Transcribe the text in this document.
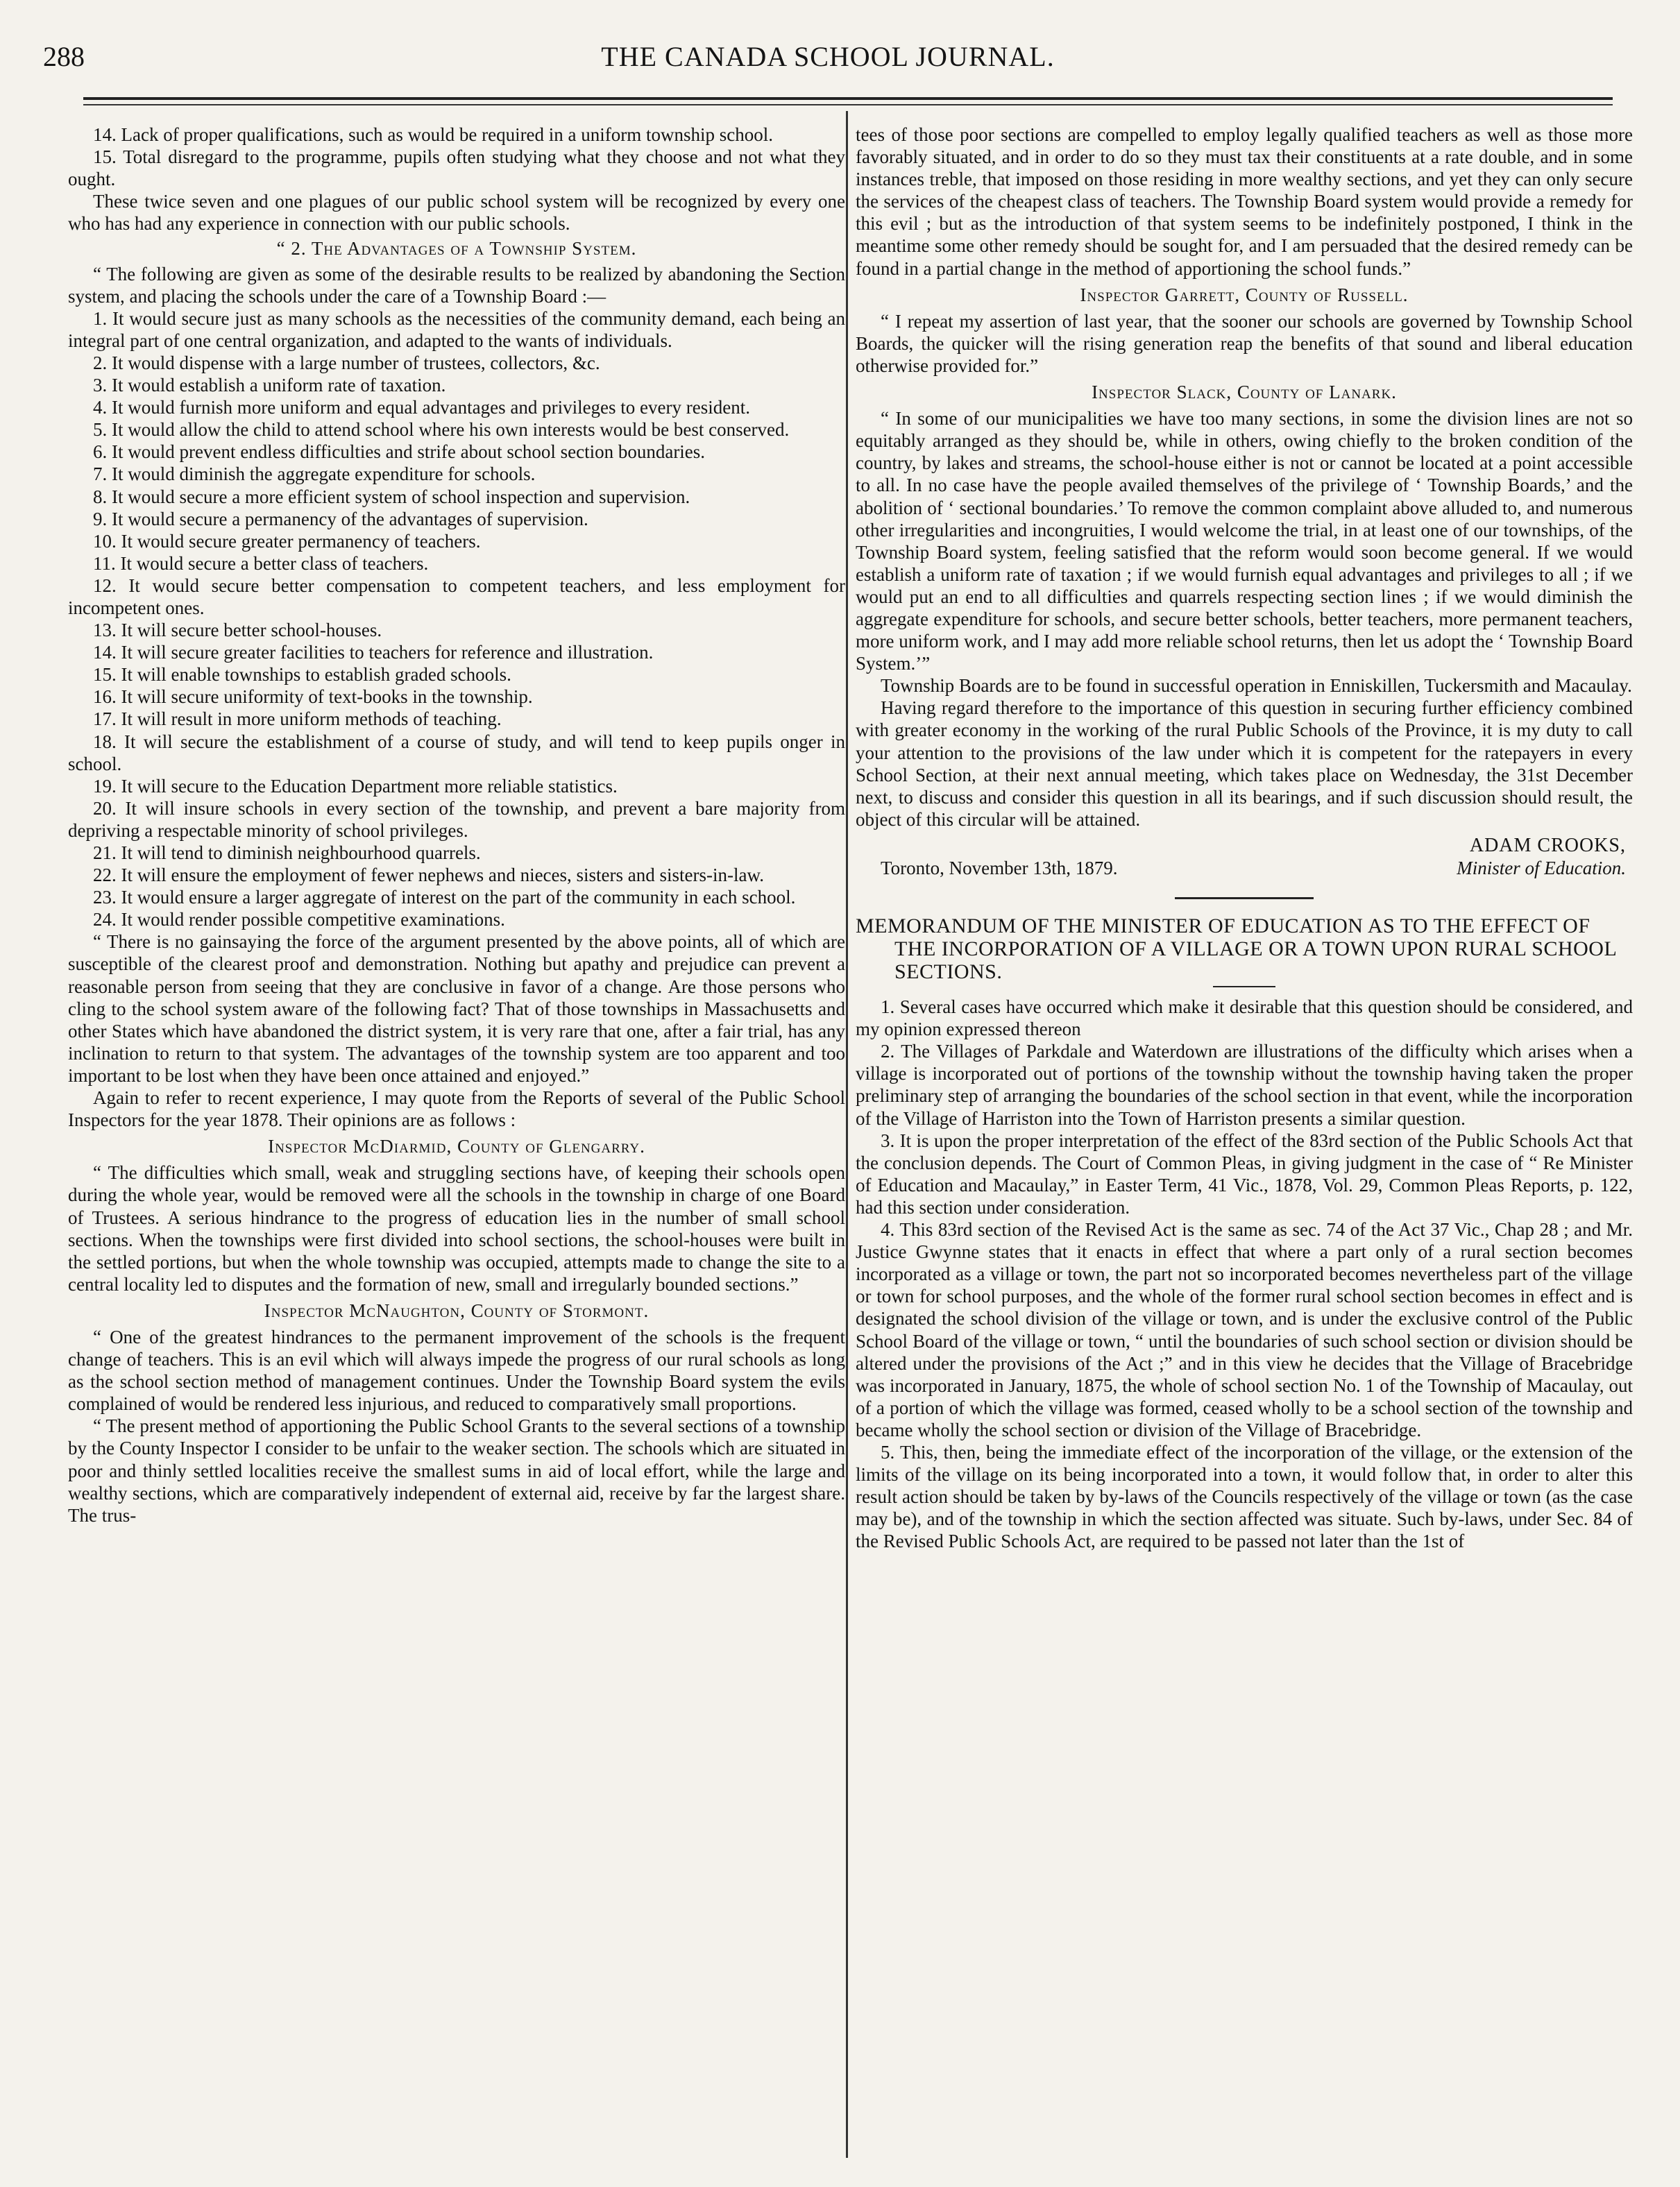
288	THE CANADA SCHOOL JOURNAL.

14. Lack of proper qualifications, such as would be required in a uniform township school.

15. Total disregard to the programme, pupils often studying what they choose and not what they ought.

These twice seven and one plagues of our public school system will be recognized by every one who has had any experience in connection with our public schools.

“ 2. The Advantages of a Township System.

“ The following are given as some of the desirable results to be realized by abandoning the Section system, and placing the schools under the care of a Township Board :—

1. It would secure just as many schools as the necessities of the community demand, each being an integral part of one central organization, and adapted to the wants of individuals.

2. It would dispense with a large number of trustees, collectors, &c.

3. It would establish a uniform rate of taxation.

4. It would furnish more uniform and equal advantages and privileges to every resident.

5. It would allow the child to attend school where his own interests would be best conserved.

6. It would prevent endless difficulties and strife about school section boundaries.

7. It would diminish the aggregate expenditure for schools.

8. It would secure a more efficient system of school inspection and supervision.

9. It would secure a permanency of the advantages of supervision.

10. It would secure greater permanency of teachers.

11. It would secure a better class of teachers.

12. It would secure better compensation to competent teachers, and less employment for incompetent ones.

13. It will secure better school-houses.

14. It will secure greater facilities to teachers for reference and illustration.

15. It will enable townships to establish graded schools.

16. It will secure uniformity of text-books in the township.

17. It will result in more uniform methods of teaching.

18. It will secure the establishment of a course of study, and will tend to keep pupils onger in school.

19. It will secure to the Education Department more reliable statistics.

20. It will insure schools in every section of the township, and prevent a bare majority from depriving a respectable minority of school privileges.

21. It will tend to diminish neighbourhood quarrels.

22. It will ensure the employment of fewer nephews and nieces, sisters and sisters-in-law.

23. It would ensure a larger aggregate of interest on the part of the community in each school.

24. It would render possible competitive examinations.

“ There is no gainsaying the force of the argument presented by the above points, all of which are susceptible of the clearest proof and demonstration. Nothing but apathy and prejudice can prevent a reasonable person from seeing that they are conclusive in favor of a change. Are those persons who cling to the school system aware of the following fact? That of those townships in Massachusetts and other States which have abandoned the district system, it is very rare that one, after a fair trial, has any inclination to return to that system. The advantages of the township system are too apparent and too important to be lost when they have been once attained and enjoyed.”

Again to refer to recent experience, I may quote from the Reports of several of the Public School Inspectors for the year 1878. Their opinions are as follows :

Inspector McDiarmid, County of Glengarry.

“ The difficulties which small, weak and struggling sections have, of keeping their schools open during the whole year, would be removed were all the schools in the township in charge of one Board of Trustees. A serious hindrance to the progress of education lies in the number of small school sections. When the townships were first divided into school sections, the school-houses were built in the settled portions, but when the whole township was occupied, attempts made to change the site to a central locality led to disputes and the formation of new, small and irregularly bounded sections.”

Inspector McNaughton, County of Stormont.

“ One of the greatest hindrances to the permanent improvement of the schools is the frequent change of teachers. This is an evil which will always impede the progress of our rural schools as long as the school section method of management continues. Under the Township Board system the evils complained of would be rendered less injurious, and reduced to comparatively small proportions.

“ The present method of apportioning the Public School Grants to the several sections of a township by the County Inspector I consider to be unfair to the weaker section. The schools which are situated in poor and thinly settled localities receive the smallest sums in aid of local effort, while the large and wealthy sections, which are comparatively independent of external aid, receive by far the largest share. The trus-

tees of those poor sections are compelled to employ legally qualified teachers as well as those more favorably situated, and in order to do so they must tax their constituents at a rate double, and in some instances treble, that imposed on those residing in more wealthy sections, and yet they can only secure the services of the cheapest class of teachers. The Township Board system would provide a remedy for this evil ; but as the introduction of that system seems to be indefinitely postponed, I think in the meantime some other remedy should be sought for, and I am persuaded that the desired remedy can be found in a partial change in the method of apportioning the school funds.”

Inspector Garrett, County of Russell.

“ I repeat my assertion of last year, that the sooner our schools are governed by Township School Boards, the quicker will the rising generation reap the benefits of that sound and liberal education otherwise provided for.”

Inspector Slack, County of Lanark.

“ In some of our municipalities we have too many sections, in some the division lines are not so equitably arranged as they should be, while in others, owing chiefly to the broken condition of the country, by lakes and streams, the school-house either is not or cannot be located at a point accessible to all. In no case have the people availed themselves of the privilege of ‘ Township Boards,’ and the abolition of ‘ sectional boundaries.’ To remove the common complaint above alluded to, and numerous other irregularities and incongruities, I would welcome the trial, in at least one of our townships, of the Township Board system, feeling satisfied that the reform would soon become general. If we would establish a uniform rate of taxation ; if we would furnish equal advantages and privileges to all ; if we would put an end to all difficulties and quarrels respecting section lines ; if we would diminish the aggregate expenditure for schools, and secure better schools, better teachers, more permanent teachers, more uniform work, and I may add more reliable school returns, then let us adopt the ‘ Township Board System.’”

Township Boards are to be found in successful operation in Enniskillen, Tuckersmith and Macaulay.

Having regard therefore to the importance of this question in securing further efficiency combined with greater economy in the working of the rural Public Schools of the Province, it is my duty to call your attention to the provisions of the law under which it is competent for the ratepayers in every School Section, at their next annual meeting, which takes place on Wednesday, the 31st December next, to discuss and consider this question in all its bearings, and if such discussion should result, the object of this circular will be attained.

ADAM CROOKS,
Toronto, November 13th, 1879.	Minister of Education.
MEMORANDUM OF THE MINISTER OF EDUCATION AS TO THE EFFECT OF THE INCORPORATION OF A VILLAGE OR A TOWN UPON RURAL SCHOOL SECTIONS.

1. Several cases have occurred which make it desirable that this question should be considered, and my opinion expressed thereon

2. The Villages of Parkdale and Waterdown are illustrations of the difficulty which arises when a village is incorporated out of portions of the township without the township having taken the proper preliminary step of arranging the boundaries of the school section in that event, while the incorporation of the Village of Harriston into the Town of Harriston presents a similar question.

3. It is upon the proper interpretation of the effect of the 83rd section of the Public Schools Act that the conclusion depends. The Court of Common Pleas, in giving judgment in the case of “ Re Minister of Education and Macaulay,” in Easter Term, 41 Vic., 1878, Vol. 29, Common Pleas Reports, p. 122, had this section under consideration.

4. This 83rd section of the Revised Act is the same as sec. 74 of the Act 37 Vic., Chap 28 ; and Mr. Justice Gwynne states that it enacts in effect that where a part only of a rural section becomes incorporated as a village or town, the part not so incorporated becomes nevertheless part of the village or town for school purposes, and the whole of the former rural school section becomes in effect and is designated the school division of the village or town, and is under the exclusive control of the Public School Board of the village or town, “ until the boundaries of such school section or division should be altered under the provisions of the Act ;” and in this view he decides that the Village of Bracebridge was incorporated in January, 1875, the whole of school section No. 1 of the Township of Macaulay, out of a portion of which the village was formed, ceased wholly to be a school section of the township and became wholly the school section or division of the Village of Bracebridge.

5. This, then, being the immediate effect of the incorporation of the village, or the extension of the limits of the village on its being incorporated into a town, it would follow that, in order to alter this result action should be taken by by-laws of the Councils respectively of the village or town (as the case may be), and of the township in which the section affected was situate. Such by-laws, under Sec. 84 of the Revised Public Schools Act, are required to be passed not later than the 1st of
